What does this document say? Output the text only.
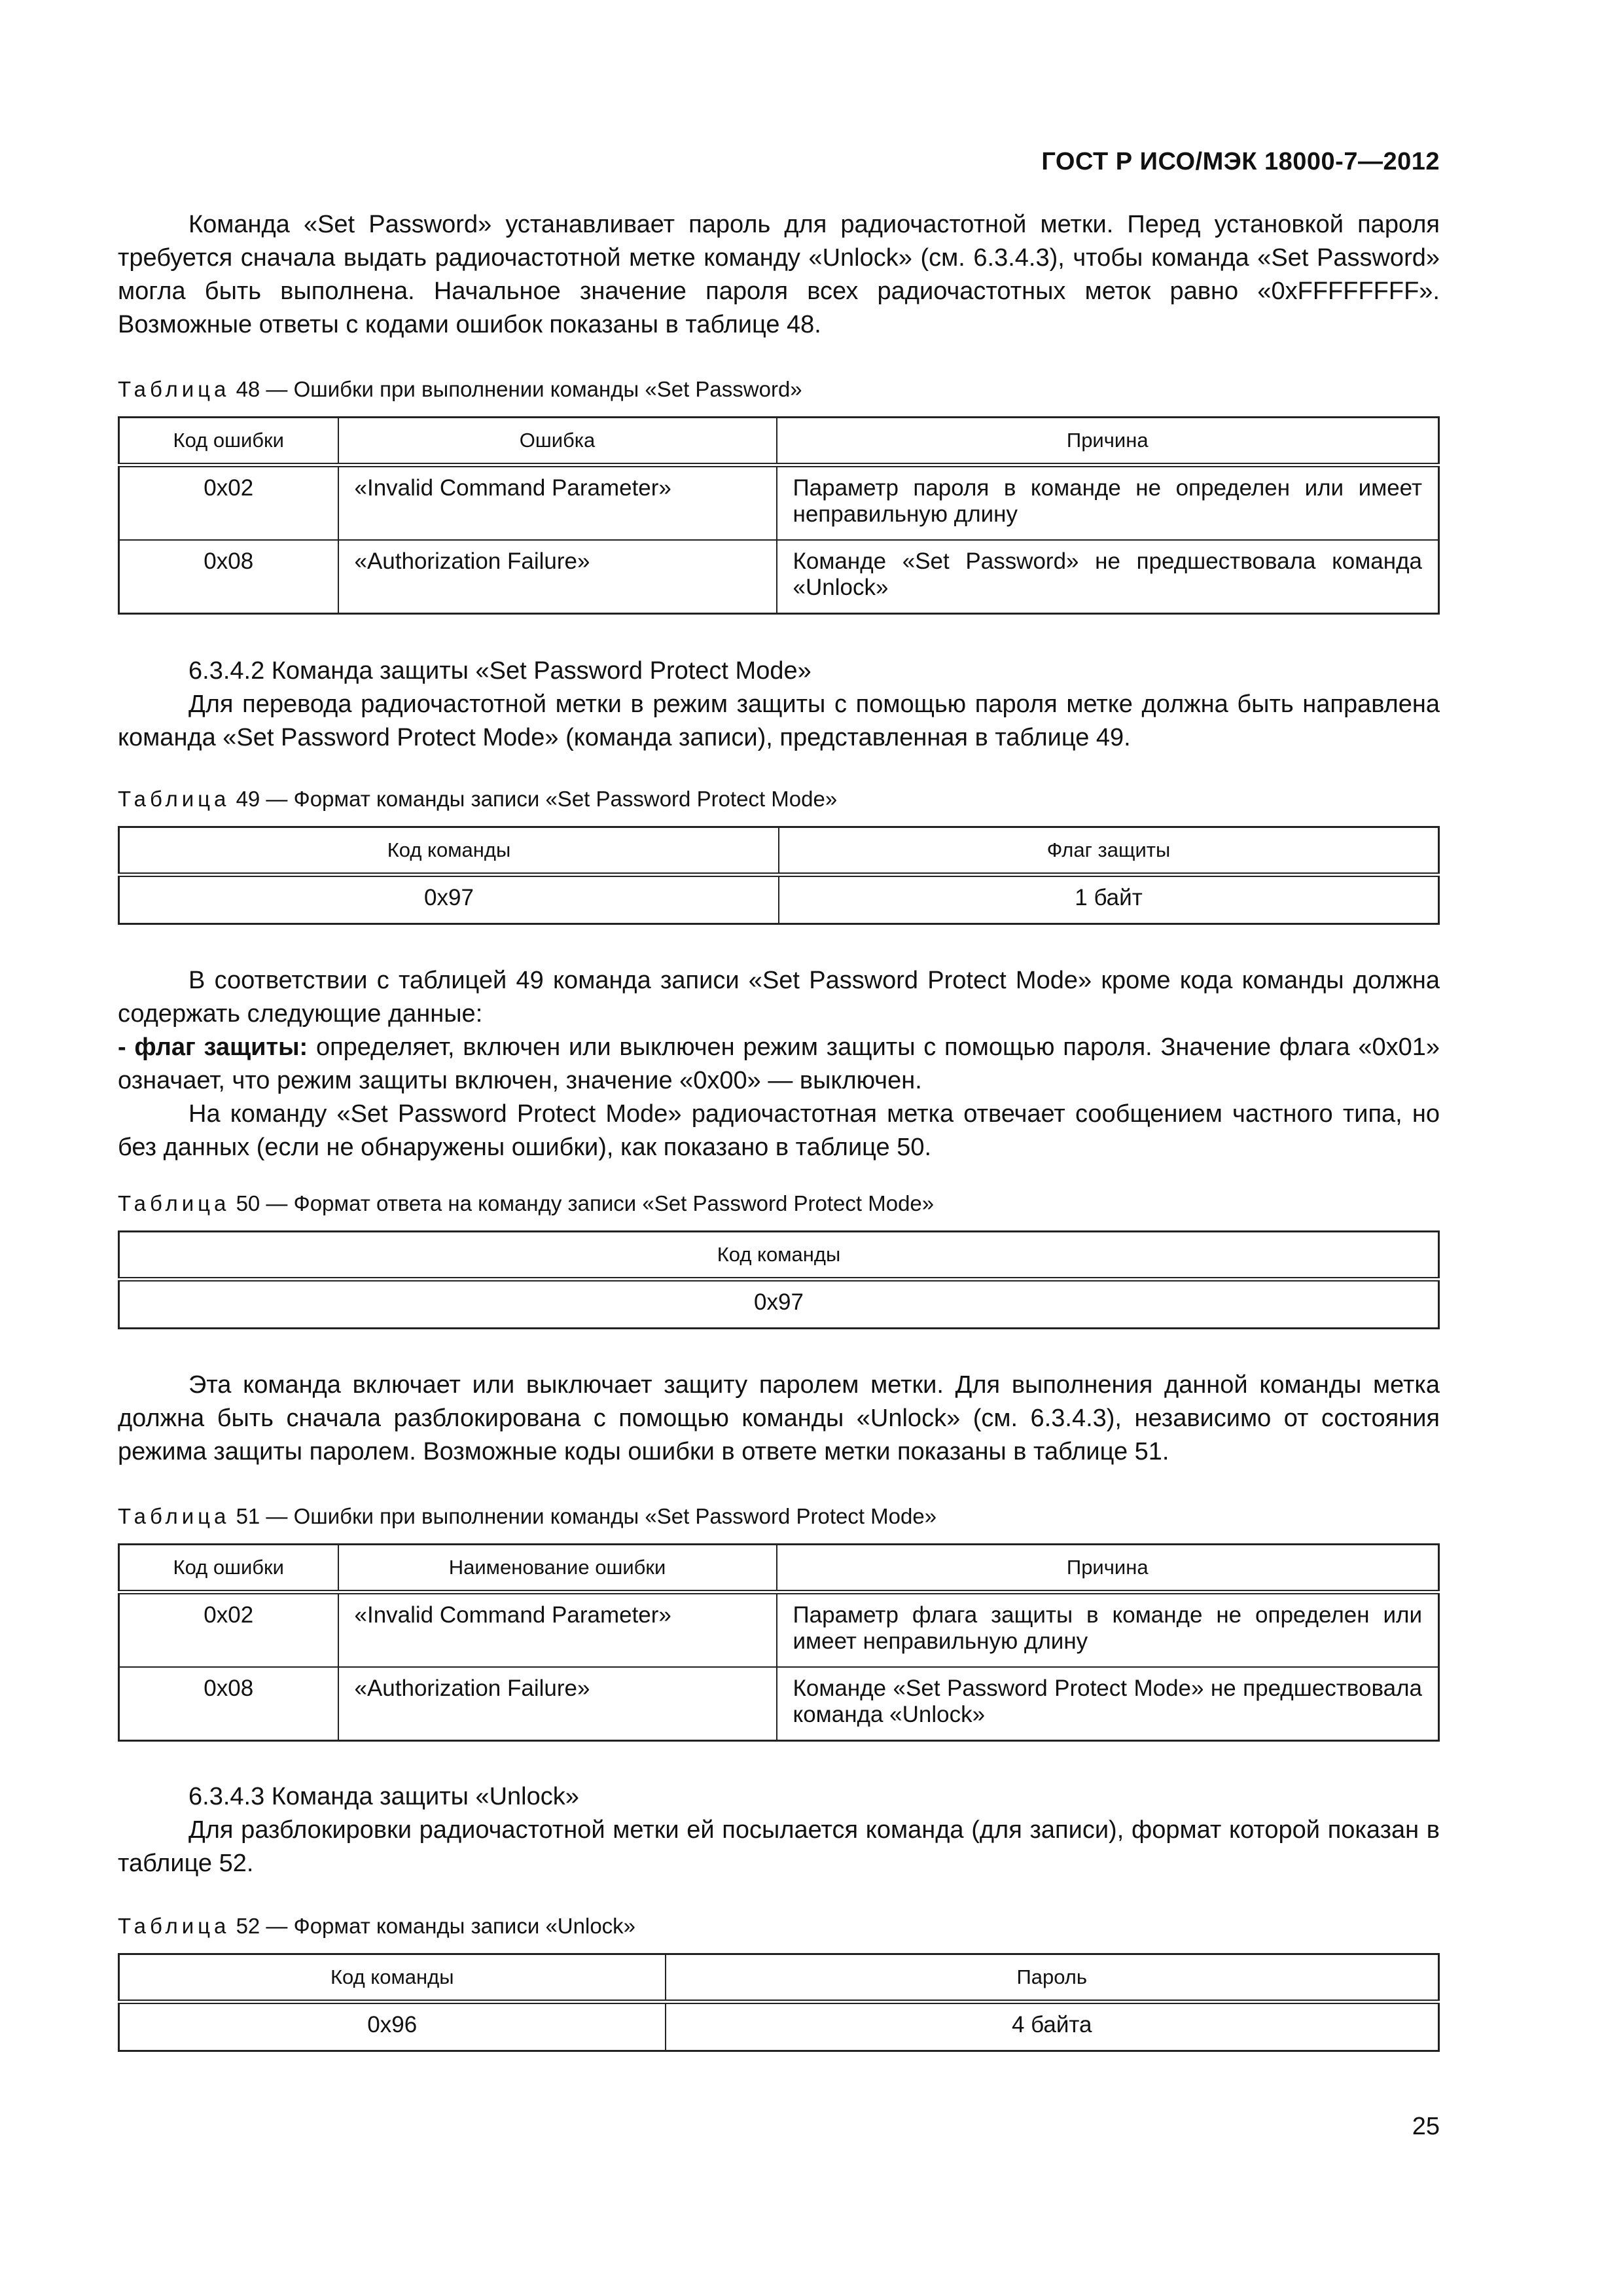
ГОСТ Р ИСО/МЭК 18000-7—2012

Команда «Set Password» устанавливает пароль для радиочастотной метки. Перед установкой пароля требуется сначала выдать радиочастотной метке команду «Unlock» (см. 6.3.4.3), чтобы команда «Set Password» могла быть выполнена. Начальное значение пароля всех радиочастотных меток равно «0xFFFFFFFF». Возможные ответы с кодами ошибок показаны в таблице 48.

Таблица 48 — Ошибки при выполнении команды «Set Password»
Код ошибки	Ошибка	Причина
0x02	«Invalid Command Parameter»	Параметр пароля в команде не определен или имеет неправильную длину
0x08	«Authorization Failure»	Команде «Set Password» не предшествовала команда «Unlock»
6.3.4.2 Команда защиты «Set Password Protect Mode»

Для перевода радиочастотной метки в режим защиты с помощью пароля метке должна быть направлена команда «Set Password Protect Mode» (команда записи), представленная в таблице 49.

Таблица 49 — Формат команды записи «Set Password Protect Mode»
Код команды	Флаг защиты
0x97	1 байт

В соответствии с таблицей 49 команда записи «Set Password Protect Mode» кроме кода команды должна содержать следующие данные:

- флаг защиты: определяет, включен или выключен режим защиты с помощью пароля. Значение флага «0x01» означает, что режим защиты включен, значение «0x00» — выключен.

На команду «Set Password Protect Mode» радиочастотная метка отвечает сообщением частного типа, но без данных (если не обнаружены ошибки), как показано в таблице 50.

Таблица 50 — Формат ответа на команду записи «Set Password Protect Mode»
Код команды
0x97

Эта команда включает или выключает защиту паролем метки. Для выполнения данной команды метка должна быть сначала разблокирована с помощью команды «Unlock» (см. 6.3.4.3), независимо от состояния режима защиты паролем. Возможные коды ошибки в ответе метки показаны в таблице 51.

Таблица 51 — Ошибки при выполнении команды «Set Password Protect Mode»
Код ошибки	Наименование ошибки	Причина
0x02	«Invalid Command Parameter»	Параметр флага защиты в команде не определен или имеет неправильную длину
0x08	«Authorization Failure»	Команде «Set Password Protect Mode» не предшествовала команда «Unlock»
6.3.4.3 Команда защиты «Unlock»

Для разблокировки радиочастотной метки ей посылается команда (для записи), формат которой показан в таблице 52.

Таблица 52 — Формат команды записи «Unlock»
Код команды	Пароль
0x96	4 байта
25
